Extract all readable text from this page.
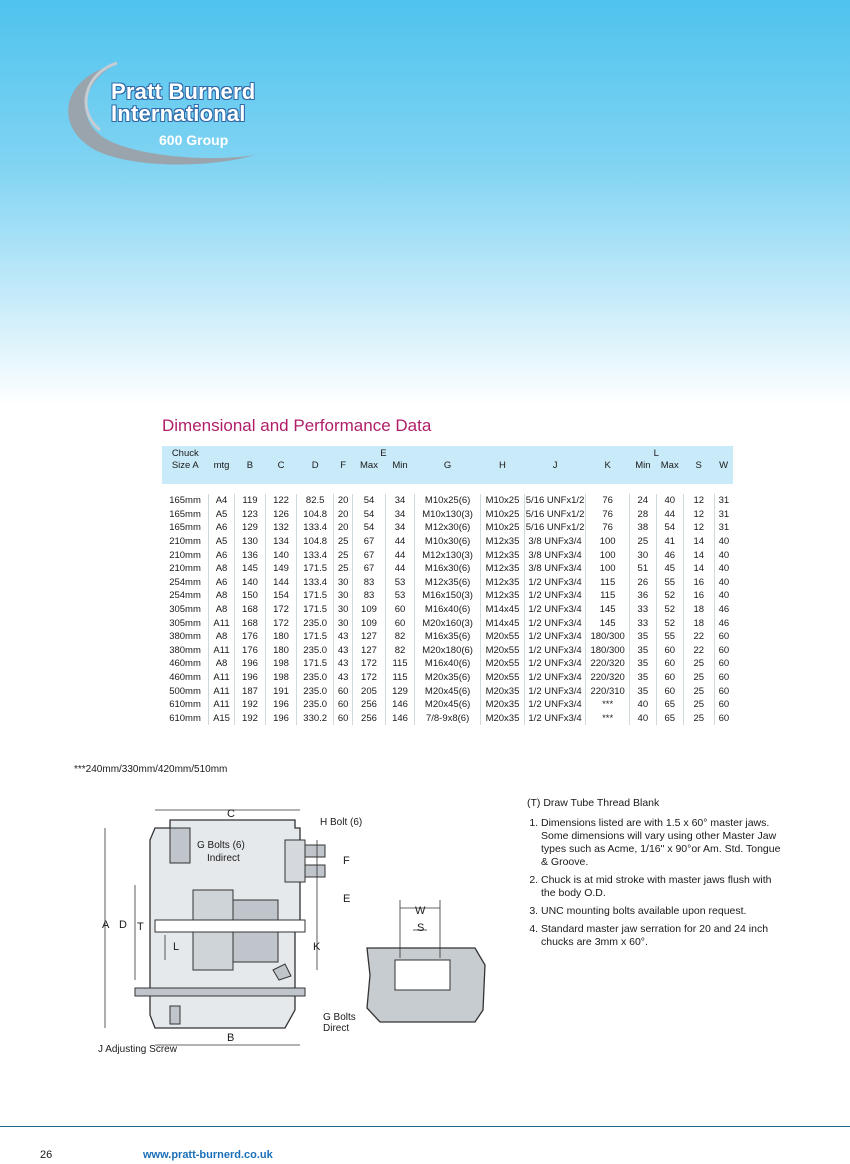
Pratt Burnerd
International
600 Group
Dimensional and Performance Data
Chuck						E						L			
Size A	mtg	B	C	D	F	Max	Min	G	H	J	K	Min	Max	S	W

165mm	A4	119	122	82.5	20	54	34	M10x25(6)	M10x25	5/16 UNFx1/2	76	24	40	12	31
165mm	A5	123	126	104.8	20	54	34	M10x130(3)	M10x25	5/16 UNFx1/2	76	28	44	12	31
165mm	A6	129	132	133.4	20	54	34	M12x30(6)	M10x25	5/16 UNFx1/2	76	38	54	12	31
210mm	A5	130	134	104.8	25	67	44	M10x30(6)	M12x35	3/8 UNFx3/4	100	25	41	14	40
210mm	A6	136	140	133.4	25	67	44	M12x130(3)	M12x35	3/8 UNFx3/4	100	30	46	14	40
210mm	A8	145	149	171.5	25	67	44	M16x30(6)	M12x35	3/8 UNFx3/4	100	51	45	14	40
254mm	A6	140	144	133.4	30	83	53	M12x35(6)	M12x35	1/2 UNFx3/4	115	26	55	16	40
254mm	A8	150	154	171.5	30	83	53	M16x150(3)	M12x35	1/2 UNFx3/4	115	36	52	16	40
305mm	A8	168	172	171.5	30	109	60	M16x40(6)	M14x45	1/2 UNFx3/4	145	33	52	18	46
305mm	A11	168	172	235.0	30	109	60	M20x160(3)	M14x45	1/2 UNFx3/4	145	33	52	18	46
380mm	A8	176	180	171.5	43	127	82	M16x35(6)	M20x55	1/2 UNFx3/4	180/300	35	55	22	60
380mm	A11	176	180	235.0	43	127	82	M20x180(6)	M20x55	1/2 UNFx3/4	180/300	35	60	22	60
460mm	A8	196	198	171.5	43	172	115	M16x40(6)	M20x55	1/2 UNFx3/4	220/320	35	60	25	60
460mm	A11	196	198	235.0	43	172	115	M20x35(6)	M20x55	1/2 UNFx3/4	220/320	35	60	25	60
500mm	A11	187	191	235.0	60	205	129	M20x45(6)	M20x35	1/2 UNFx3/4	220/310	35	60	25	60
610mm	A11	192	196	235.0	60	256	146	M20x45(6)	M20x35	1/2 UNFx3/4	***	40	65	25	60
610mm	A15	192	196	330.2	60	256	146	7/8-9x8(6)	M20x35	1/2 UNFx3/4	***	40	65	25	60
***240mm/330mm/420mm/510mm
C
H Bolt (6)
G Bolts (6)
Indirect	F
E
A D T
L	K
W
S
G Bolts
Direct
B
J Adjusting Screw

(T) Draw Tube Thread Blank

1. Dimensions listed are with 1.5 x 60° master jaws. Some dimensions will vary using other Master Jaw types such as Acme, 1/16" x 90°or Am. Std. Tongue & Groove.
2. Chuck is at mid stroke with master jaws flush with the body O.D.
3. UNC mounting bolts available upon request.
4. Standard master jaw serration for 20 and 24 inch chucks are 3mm x 60°.
26	www.pratt-burnerd.co.uk
